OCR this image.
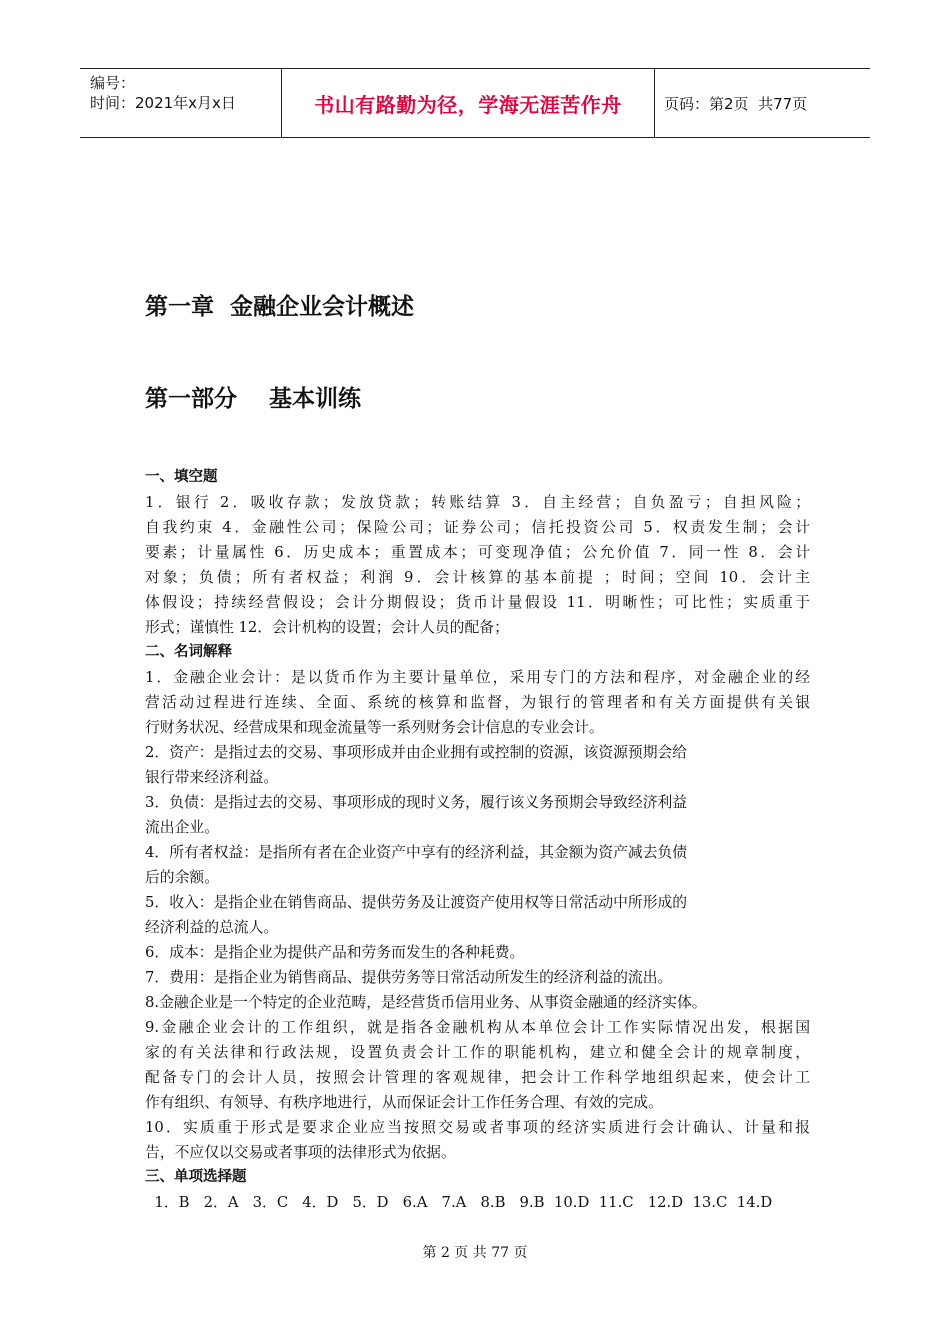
编号：
时间：2021年x月x日	书山有路勤为径，学海无涯苦作舟	页码：第2页  共77页
第一章  金融企业会计概述
第一部分    基本训练
一、填空题
1．银行 2．吸收存款；发放贷款；转账结算 3．自主经营；自负盈亏；自担风险；
自我约束 4．金融性公司；保险公司；证券公司；信托投资公司 5．权责发生制；会计
要素；计量属性 6．历史成本；重置成本；可变现净值；公允价值 7．同一性 8．会计
对象；负债；所有者权益；利润 9．会计核算的基本前提 ；时间；空间 10．会计主
体假设；持续经营假设；会计分期假设；货币计量假设 11．明晰性；可比性；实质重于
形式；谨慎性 12．会计机构的设置；会计人员的配备；
二、名词解释
1．金融企业会计：是以货币作为主要计量单位，采用专门的方法和程序，对金融企业的经
营活动过程进行连续、全面、系统的核算和监督，为银行的管理者和有关方面提供有关银
行财务状况、经营成果和现金流量等一系列财务会计信息的专业会计。
2．资产：是指过去的交易、事项形成并由企业拥有或控制的资源，该资源预期会给
银行带来经济利益。
3．负债：是指过去的交易、事项形成的现时义务，履行该义务预期会导致经济利益
流出企业。
4．所有者权益：是指所有者在企业资产中享有的经济利益，其金额为资产减去负债
后的余额。
5．收入：是指企业在销售商品、提供劳务及让渡资产使用权等日常活动中所形成的
经济利益的总流人。
6．成本：是指企业为提供产品和劳务而发生的各种耗费。
7．费用：是指企业为销售商品、提供劳务等日常活动所发生的经济利益的流出。
8.金融企业是一个特定的企业范畴，是经营货币信用业务、从事资金融通的经济实体。
9.金融企业会计的工作组织，就是指各金融机构从本单位会计工作实际情况出发，根据国
家的有关法律和行政法规，设置负责会计工作的职能机构，建立和健全会计的规章制度，
配备专门的会计人员，按照会计管理的客观规律，把会计工作科学地组织起来，使会计工
作有组织、有领导、有秩序地进行，从而保证会计工作任务合理、有效的完成。
10．实质重于形式是要求企业应当按照交易或者事项的经济实质进行会计确认、计量和报
告，不应仅以交易或者事项的法律形式为依据。
三、单项选择题
1．B   2．A   3．C   4．D   5．D   6.A   7.A   8.B   9.B  10.D  11.C   12.D  13.C  14.D
第 2 页 共 77 页
